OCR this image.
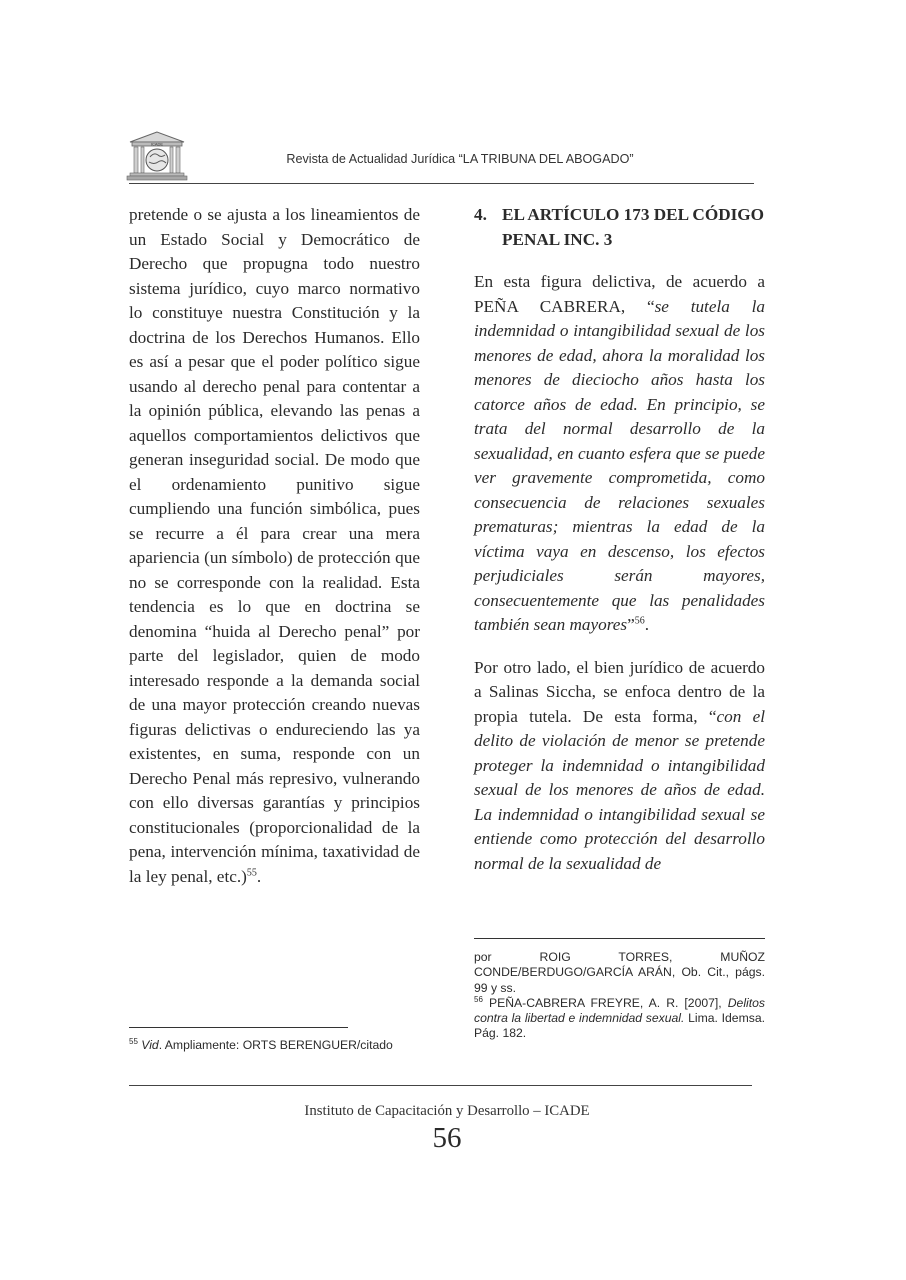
ICADE
Revista de Actualidad Jurídica “LA TRIBUNA DEL ABOGADO”

pretende o se ajusta a los lineamientos de un Estado Social y Democrático de Derecho que propugna todo nuestro sistema jurídico, cuyo marco normativo lo constituye nuestra Constitución y la doctrina de los Derechos Humanos. Ello es así a pesar que el poder político sigue usando al derecho penal para contentar a la opinión pública, elevando las penas a aquellos comportamientos delictivos que generan inseguridad social. De modo que el ordenamiento punitivo sigue cumpliendo una función simbólica, pues se recurre a él para crear una mera apariencia (un símbolo) de protección que no se corresponde con la realidad. Esta tendencia es lo que en doctrina se denomina “huida al Derecho penal” por parte del legislador, quien de modo interesado responde a la demanda social de una mayor protección creando nuevas figuras delictivas o endureciendo las ya existentes, en suma, responde con un Derecho Penal más represivo, vulnerando con ello diversas garantías y principios constitucionales (proporcionalidad de la pena, intervención mínima, taxatividad de la ley penal, etc.)$^{55}$.

4. EL ARTÍCULO 173 DEL CÓDIGO PENAL INC. 3

En esta figura delictiva, de acuerdo a PEÑA CABRERA, “se tutela la indemnidad o intangibilidad sexual de los menores de edad, ahora la moralidad los menores de dieciocho años hasta los catorce años de edad. En principio, se trata del normal desarrollo de la sexualidad, en cuanto esfera que se puede ver gravemente comprometida, como consecuencia de relaciones sexuales prematuras; mientras la edad de la víctima vaya en descenso, los efectos perjudiciales serán mayores, consecuentemente que las penalidades también sean mayores”$^{56}$.

Por otro lado, el bien jurídico de acuerdo a Salinas Siccha, se enfoca dentro de la propia tutela. De esta forma, “con el delito de violación de menor se pretende proteger la indemnidad o intangibilidad sexual de los menores de años de edad. La indemnidad o intangibilidad sexual se entiende como protección del desarrollo normal de la sexualidad de

$^{55}$ Vid. Ampliamente: ORTS BERENGUER/citado

por ROIG TORRES, MUÑOZ CONDE/BERDUGO/GARCÍA ARÁN, Ob. Cit., págs. 99 y ss.

$^{56}$ PEÑA-CABRERA FREYRE, A. R. [2007], Delitos contra la libertad e indemnidad sexual. Lima. Idemsa. Pág. 182.

Instituto de Capacitación y Desarrollo – ICADE
56
